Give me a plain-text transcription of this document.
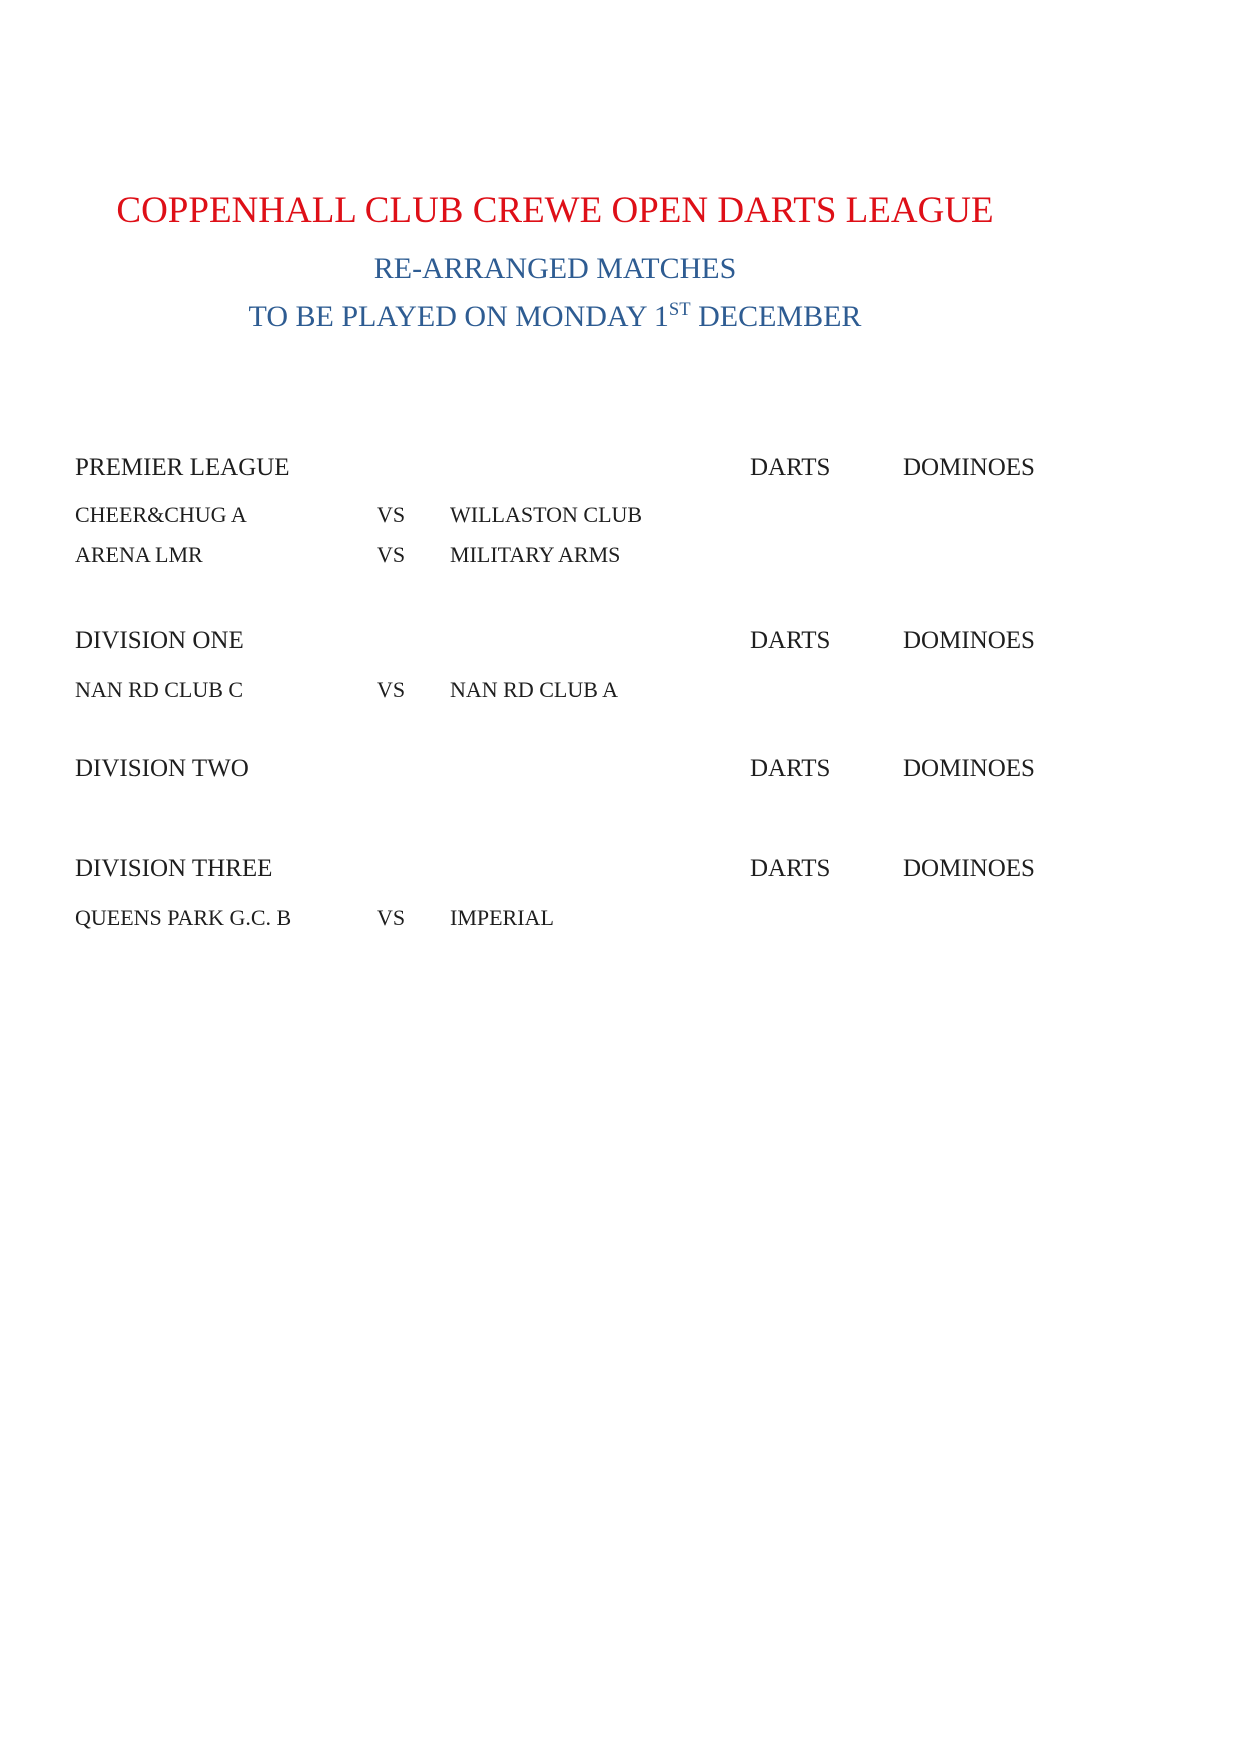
COPPENHALL CLUB CREWE OPEN DARTS LEAGUE
RE-ARRANGED MATCHES
TO BE PLAYED ON MONDAY 1ST DECEMBER
PREMIER LEAGUE	DARTS	DOMINOES
CHEER&CHUG A	VS WILLASTON CLUB
ARENA LMR	VS MILITARY ARMS
DIVISION ONE	DARTS	DOMINOES
NAN RD CLUB C	VS NAN RD CLUB A
DIVISION TWO	DARTS	DOMINOES
DIVISION THREE	DARTS	DOMINOES
QUEENS PARK G.C. B	VS IMPERIAL
